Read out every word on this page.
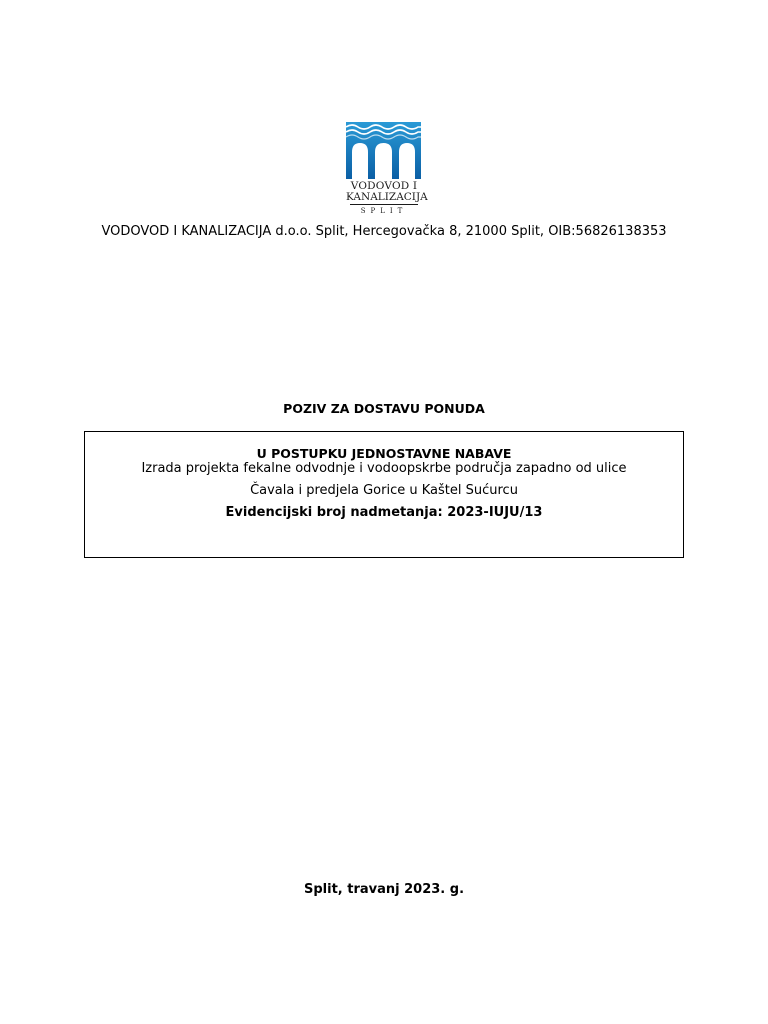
VODOVOD I
KANALIZACIJA
SPLIT
VODOVOD I KANALIZACIJA d.o.o. Split, Hercegovačka 8, 21000 Split, OIB:56826138353
POZIV ZA DOSTAVU PONUDA
U POSTUPKU JEDNOSTAVNE NABAVE
Izrada projekta fekalne odvodnje i vodoopskrbe područja zapadno od ulice
Čavala i predjela Gorice u Kaštel Sućurcu
Evidencijski broj nadmetanja: 2023-IUJU/13
Split, travanj 2023. g.
